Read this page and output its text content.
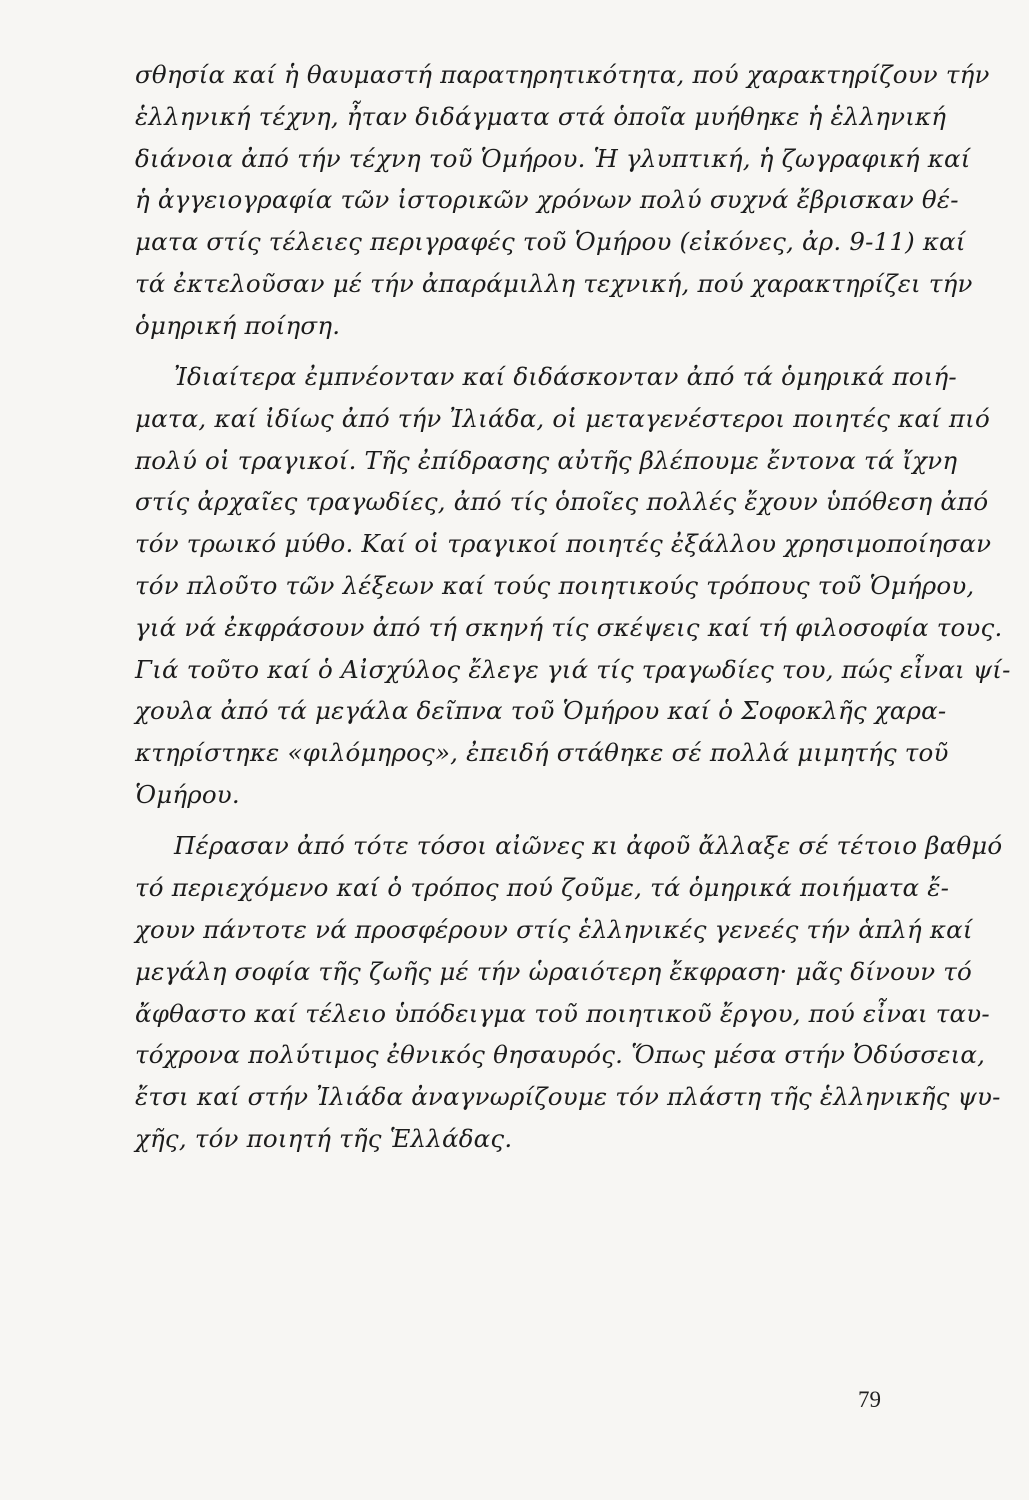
σθησία καί ἡ θαυμαστή παρατηρητικότητα, πού χαρακτηρίζουν τήν
ἑλληνική τέχνη, ἦταν διδάγματα στά ὁποῖα μυήθηκε ἡ ἑλληνική
διάνοια ἀπό τήν τέχνη τοῦ Ὁμήρου. Ἡ γλυπτική, ἡ ζωγραφική καί
ἡ ἀγγειογραφία τῶν ἱστορικῶν χρόνων πολύ συχνά ἔβρισκαν θέ-
ματα στίς τέλειες περιγραφές τοῦ Ὁμήρου (εἰκόνες, ἀρ. 9-11) καί
τά ἐκτελοῦσαν μέ τήν ἀπαράμιλλη τεχνική, πού χαρακτηρίζει τήν
ὁμηρική ποίηση.
Ἰδιαίτερα ἐμπνέονταν καί διδάσκονταν ἀπό τά ὁμηρικά ποιή-
ματα, καί ἰδίως ἀπό τήν Ἰλιάδα, οἱ μεταγενέστεροι ποιητές καί πιό
πολύ οἱ τραγικοί. Τῆς ἐπίδρασης αὐτῆς βλέπουμε ἔντονα τά ἴχνη
στίς ἀρχαῖες τραγωδίες, ἀπό τίς ὁποῖες πολλές ἔχουν ὑπόθεση ἀπό
τόν τρωικό μύθο. Καί οἱ τραγικοί ποιητές ἐξάλλου χρησιμοποίησαν
τόν πλοῦτο τῶν λέξεων καί τούς ποιητικούς τρόπους τοῦ Ὁμήρου,
γιά νά ἐκφράσουν ἀπό τή σκηνή τίς σκέψεις καί τή φιλοσοφία τους.
Γιά τοῦτο καί ὁ Αἰσχύλος ἔλεγε γιά τίς τραγωδίες του, πώς εἶναι ψί-
χουλα ἀπό τά μεγάλα δεῖπνα τοῦ Ὁμήρου καί ὁ Σοφοκλῆς χαρα-
κτηρίστηκε «φιλόμηρος», ἐπειδή στάθηκε σέ πολλά μιμητής τοῦ
Ὁμήρου.
Πέρασαν ἀπό τότε τόσοι αἰῶνες κι ἀφοῦ ἄλλαξε σέ τέτοιο βαθμό
τό περιεχόμενο καί ὁ τρόπος πού ζοῦμε, τά ὁμηρικά ποιήματα ἔ-
χουν πάντοτε νά προσφέρουν στίς ἑλληνικές γενεές τήν ἁπλή καί
μεγάλη σοφία τῆς ζωῆς μέ τήν ὡραιότερη ἔκφραση· μᾶς δίνουν τό
ἄφθαστο καί τέλειο ὑπόδειγμα τοῦ ποιητικοῦ ἔργου, πού εἶναι ταυ-
τόχρονα πολύτιμος ἐθνικός θησαυρός. Ὅπως μέσα στήν Ὀδύσσεια,
ἔτσι καί στήν Ἰλιάδα ἀναγνωρίζουμε τόν πλάστη τῆς ἑλληνικῆς ψυ-
χῆς, τόν ποιητή τῆς Ἑλλάδας.
79
